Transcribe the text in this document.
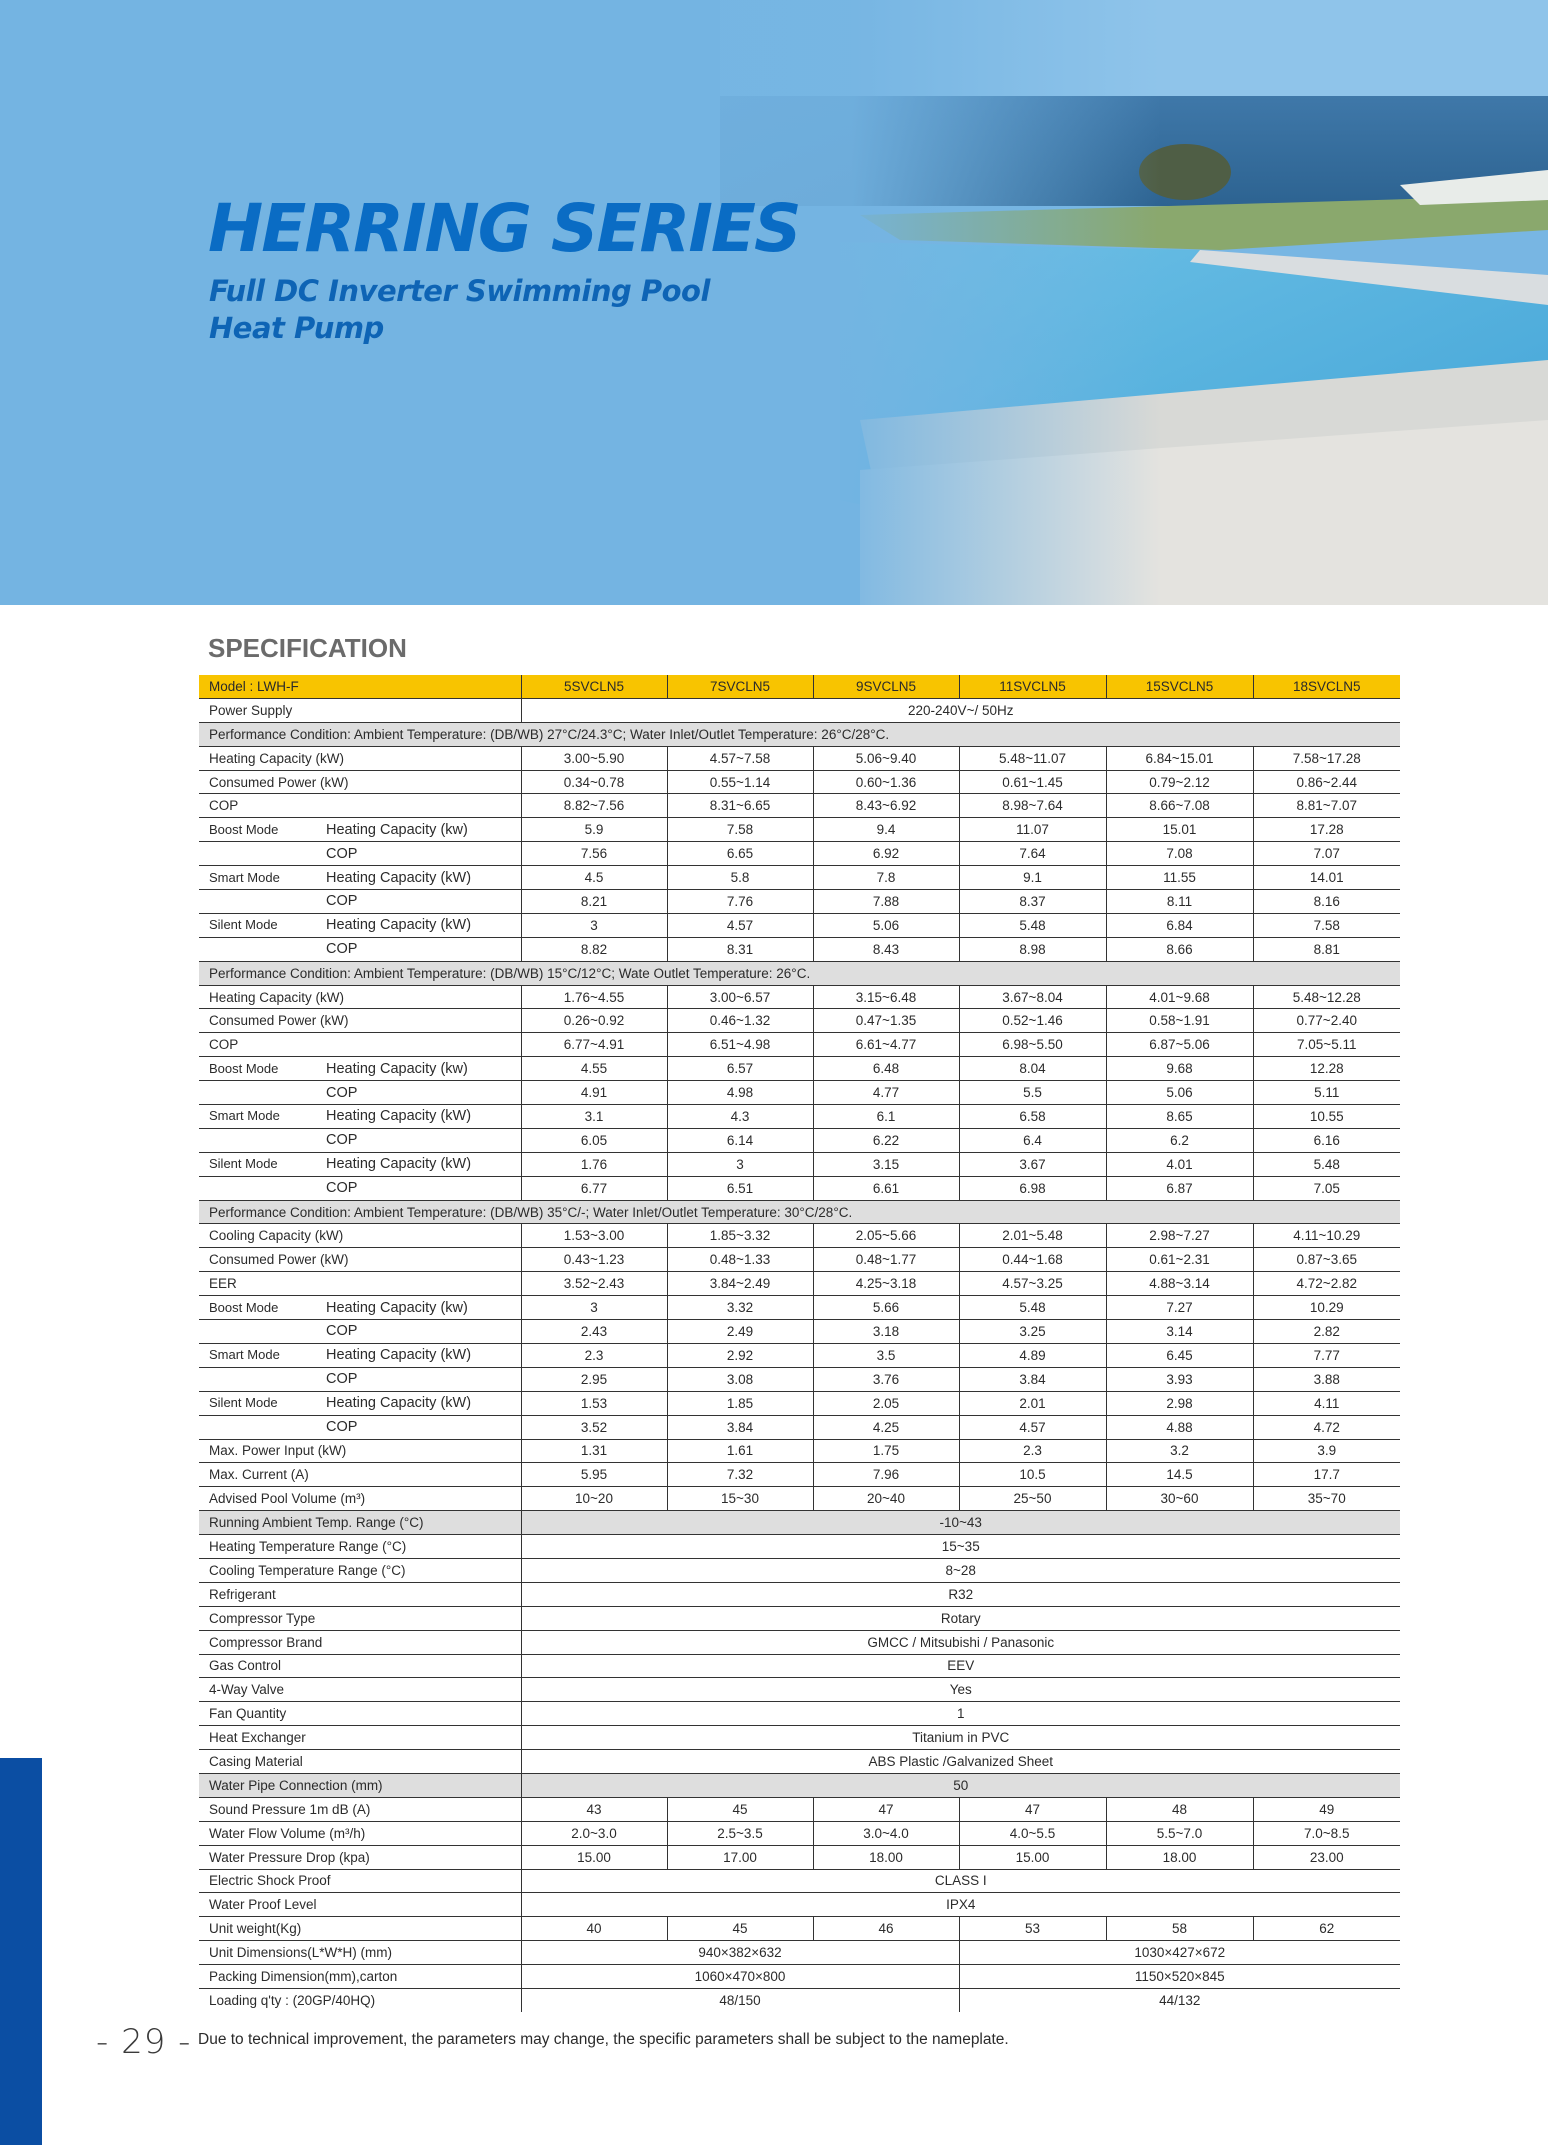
HERRING SERIES
Full DC Inverter Swimming Pool
Heat Pump
SPECIFICATION
Model : LWH-F	5SVCLN5	7SVCLN5	9SVCLN5	11SVCLN5	15SVCLN5	18SVCLN5
Power Supply	220-240V~/ 50Hz					
Performance Condition: Ambient Temperature: (DB/WB) 27°C/24.3°C; Water Inlet/Outlet Temperature: 26°C/28°C.						
Heating Capacity (kW)	3.00~5.90	4.57~7.58	5.06~9.40	5.48~11.07	6.84~15.01	7.58~17.28
Consumed Power (kW)	0.34~0.78	0.55~1.14	0.60~1.36	0.61~1.45	0.79~2.12	0.86~2.44
COP	8.82~7.56	8.31~6.65	8.43~6.92	8.98~7.64	8.66~7.08	8.81~7.07
Boost Mode Heating Capacity (kw)	5.9	7.58	9.4	11.07	15.01	17.28
COP	7.56	6.65	6.92	7.64	7.08	7.07
Smart Mode Heating Capacity (kW)	4.5	5.8	7.8	9.1	11.55	14.01
COP	8.21	7.76	7.88	8.37	8.11	8.16
Silent Mode Heating Capacity (kW)	3	4.57	5.06	5.48	6.84	7.58
COP	8.82	8.31	8.43	8.98	8.66	8.81
Performance Condition: Ambient Temperature: (DB/WB) 15°C/12°C; Wate Outlet Temperature: 26°C.						
Heating Capacity (kW)	1.76~4.55	3.00~6.57	3.15~6.48	3.67~8.04	4.01~9.68	5.48~12.28
Consumed Power (kW)	0.26~0.92	0.46~1.32	0.47~1.35	0.52~1.46	0.58~1.91	0.77~2.40
COP	6.77~4.91	6.51~4.98	6.61~4.77	6.98~5.50	6.87~5.06	7.05~5.11
Boost Mode Heating Capacity (kw)	4.55	6.57	6.48	8.04	9.68	12.28
COP	4.91	4.98	4.77	5.5	5.06	5.11
Smart Mode Heating Capacity (kW)	3.1	4.3	6.1	6.58	8.65	10.55
COP	6.05	6.14	6.22	6.4	6.2	6.16
Silent Mode Heating Capacity (kW)	1.76	3	3.15	3.67	4.01	5.48
COP	6.77	6.51	6.61	6.98	6.87	7.05
Performance Condition: Ambient Temperature: (DB/WB) 35°C/-; Water Inlet/Outlet Temperature: 30°C/28°C.						
Cooling Capacity (kW)	1.53~3.00	1.85~3.32	2.05~5.66	2.01~5.48	2.98~7.27	4.11~10.29
Consumed Power (kW)	0.43~1.23	0.48~1.33	0.48~1.77	0.44~1.68	0.61~2.31	0.87~3.65
EER	3.52~2.43	3.84~2.49	4.25~3.18	4.57~3.25	4.88~3.14	4.72~2.82
Boost Mode Heating Capacity (kw)	3	3.32	5.66	5.48	7.27	10.29
COP	2.43	2.49	3.18	3.25	3.14	2.82
Smart Mode Heating Capacity (kW)	2.3	2.92	3.5	4.89	6.45	7.77
COP	2.95	3.08	3.76	3.84	3.93	3.88
Silent Mode Heating Capacity (kW)	1.53	1.85	2.05	2.01	2.98	4.11
COP	3.52	3.84	4.25	4.57	4.88	4.72
Max. Power Input (kW)	1.31	1.61	1.75	2.3	3.2	3.9
Max. Current (A)	5.95	7.32	7.96	10.5	14.5	17.7
Advised Pool Volume (m³)	10~20	15~30	20~40	25~50	30~60	35~70
Running Ambient Temp. Range (°C)	-10~43					
Heating Temperature Range (°C)	15~35					
Cooling Temperature Range (°C)	8~28					
Refrigerant	R32					
Compressor Type	Rotary					
Compressor Brand	GMCC / Mitsubishi / Panasonic					
Gas Control	EEV					
4-Way Valve	Yes					
Fan Quantity	1					
Heat Exchanger	Titanium in PVC					
Casing Material	ABS Plastic /Galvanized Sheet					
Water Pipe Connection (mm)	50					
Sound Pressure 1m dB (A)	43	45	47	47	48	49
Water Flow Volume (m³/h)	2.0~3.0	2.5~3.5	3.0~4.0	4.0~5.5	5.5~7.0	7.0~8.5
Water Pressure Drop (kpa)	15.00	17.00	18.00	15.00	18.00	23.00
Electric Shock Proof	CLASS I					
Water Proof Level	IPX4					
Unit weight(Kg)	40	45	46	53	58	62
Unit Dimensions(L*W*H) (mm)	940×382×632			1030×427×672		
Packing Dimension(mm),carton	1060×470×800			1150×520×845		
Loading q'ty : (20GP/40HQ)	48/150			44/132		
- 29 - Due to technical improvement, the parameters may change, the specific parameters shall be subject to the nameplate.
